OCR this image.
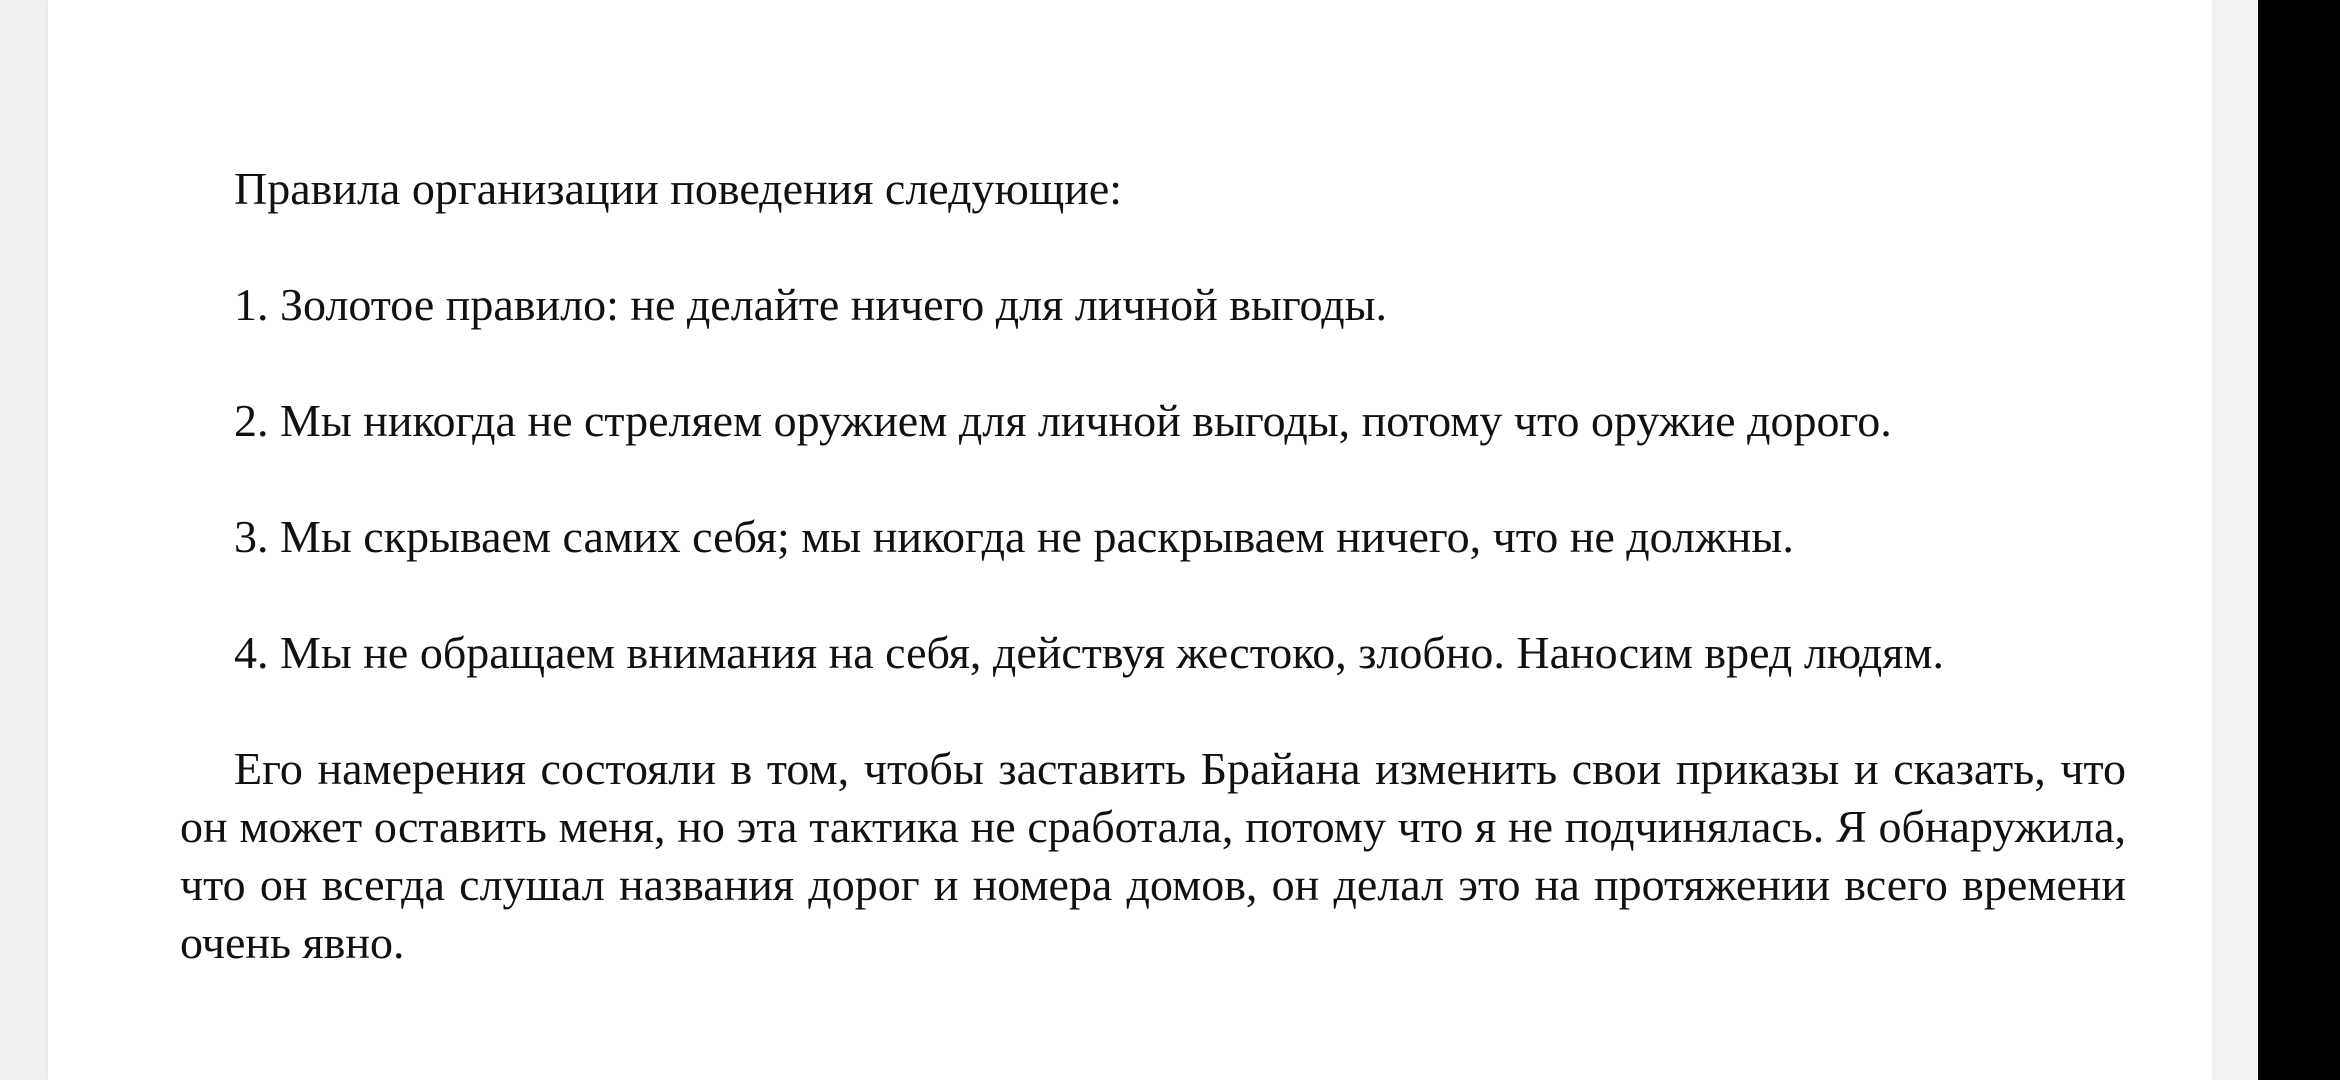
Правила организации поведения следующие:

1. Золотое правило: не делайте ничего для личной выгоды.

2. Мы никогда не стреляем оружием для личной выгоды, потому что оружие дорого.

3. Мы скрываем самих себя; мы никогда не раскрываем ничего, что не должны.

4. Мы не обращаем внимания на себя, действуя жестоко, злобно. Наносим вред людям.

Его намерения состояли в том, чтобы заставить Брайана изменить свои приказы и сказать, что он может оставить меня, но эта тактика не сработала, потому что я не подчинялась. Я обнаружила, что он всегда слушал названия дорог и номера домов, он делал это на протяжении всего времени очень явно.
